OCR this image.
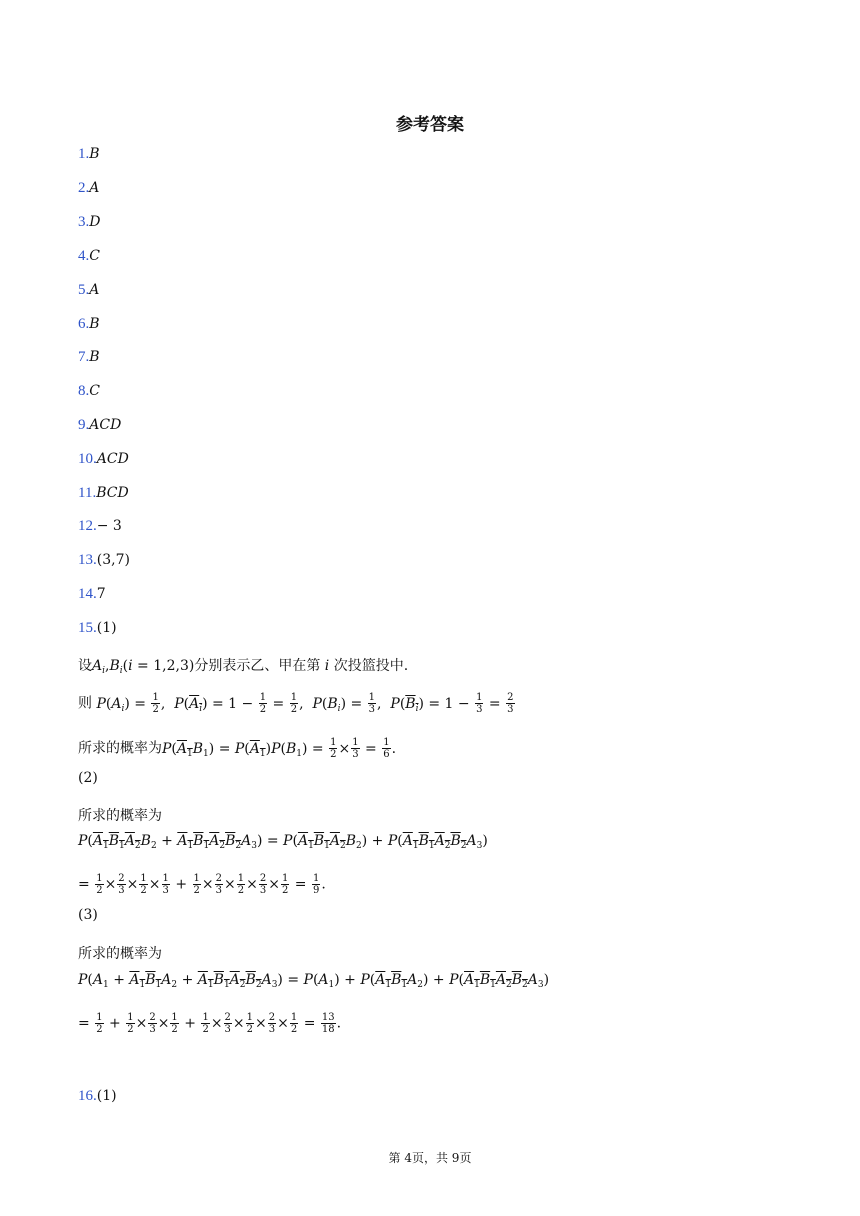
参考答案
1.B
2.A
3.D
4.C
5.A
6.B
7.B
8.C
9.ACD
10.ACD
11.BCD
12.− 3
13.(3,7)
14.7
15.(1)
设$A_i,B_i(i = 1,2,3)$分别表示乙、甲在第 i 次投篮投中.
则 $P(A_i) = \frac{1}{2}$ ,  $P(A_i) = 1 - \frac{1}{2} = \frac{1}{2}$ ,  $P(B_i) = \frac{1}{3}$ ,  $P(B_i) = 1 - \frac{1}{3} = \frac{2}{3}$
所求的概率为$P(A_1B_1) = P(A_1)P(B_1) = \frac{1}{2} \times \frac{1}{3} = \frac{1}{6}$ .
(2)
所求的概率为
$P(A_1B_1A_2B_2 + A_1B_1A_2B_2A_3) = P(A_1B_1A_2B_2) + P(A_1B_1A_2B_2A_3)$
= $\frac{1}{2} \times \frac{2}{3} \times \frac{1}{2} \times \frac{1}{3} + \frac{1}{2} \times \frac{2}{3} \times \frac{1}{2} \times \frac{2}{3} \times \frac{1}{2} = \frac{1}{9}$ .
(3)
所求的概率为
$P(A_1 + A_1B_1A_2 + A_1B_1A_2B_2A_3) = P(A_1) + P(A_1B_1A_2) + P(A_1B_1A_2B_2A_3)$
= $\frac{1}{2} + \frac{1}{2} \times \frac{2}{3} \times \frac{1}{2} + \frac{1}{2} \times \frac{2}{3} \times \frac{1}{2} \times \frac{2}{3} \times \frac{1}{2} = \frac{13}{18}$ .
16.(1)
第 4页，共 9页
